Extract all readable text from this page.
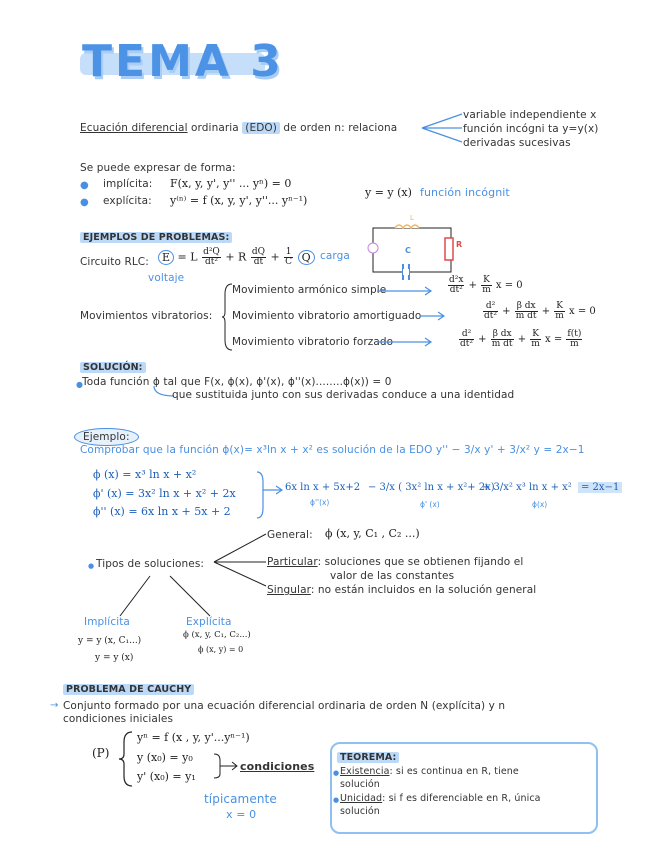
TEMA 3
Ecuación diferencial ordinaria (EDO) de orden n: relaciona
variable independiente x
función incógni ta y=y(x)
derivadas sucesivas
Se puede expresar de forma:
● implícita: F(x, y, y', y'' ... yⁿ) = 0
● explícita: y⁽ⁿ⁾ = f (x, y, y', y''... yⁿ⁻¹)
y = y (x) función incógnit
EJEMPLOS DE PROBLEMAS:
Circuito RLC:	E = L $\frac{\text{d²Q}}{\text{dt²}} + R \frac{dQ}{dt} + \frac{1}{C}$ Q
voltaje
carga
L
C
R
Movimientos vibratorios:
Movimiento armónico simple
Movimiento vibratorio amortiguado
Movimiento vibratorio forzado
$\frac{\text{d²x}}{\text{dt²}} + \frac{K}{m}$ x = 0
$\frac{\text{d²}}{\text{dt²}} + \frac{\text{β dx}}{\text{m dt}} + \frac{K}{m}$ x = 0
$\frac{\text{d²}}{\text{dt²}} + \frac{\text{β dx}}{\text{m dt}} + \frac{K}{m}$ $x = \frac{f(t)}{m}$
SOLUCIÓN:
● Toda función ϕ tal que F(x, ϕ(x), ϕ'(x), ϕ''(x)........ϕ(x)) = 0
que sustituida junto con sus derivadas conduce a una identidad
Ejemplo:
Comprobar que la función ϕ(x)= x³ln x + x² es solución de la EDO y'' − 3/x y' + 3/x² y = 2x−1
ϕ (x) = x³ ln x + x²
ϕ' (x) = 3x² ln x + x² + 2x
ϕ'' (x) = 6x ln x + 5x + 2
6x ln x + 5x+2 − 3/x ( 3x² ln x + x²+ 2x)
+ 3/x² x³ ln x + x² = 2x−1
ϕ''(x)	ϕ' (x)	ϕ(x)
● Tipos de soluciones:
General: ϕ (x, y, C₁ , C₂ ...)
Particular: soluciones que se obtienen fijando el
valor de las constantes
Singular: no están incluidos en la solución general
Implícita
y = y (x, C₁...)
y = y (x)
Explícita
ϕ (x, y, C₁, C₂...)
ϕ (x, y) = 0
PROBLEMA DE CAUCHY
→ Conjunto formado por una ecuación diferencial ordinaria de orden N (explícita) y n
condiciones iniciales
(P)
yⁿ = f (x , y, y'...yⁿ⁻¹)
y (x₀) = y₀
y' (x₀) = y₁
condiciones
típicamente
x = 0
TEOREMA:
● Existencia: si es continua en R, tiene
solución
● Unicidad: si f es diferenciable en R, única
solución
